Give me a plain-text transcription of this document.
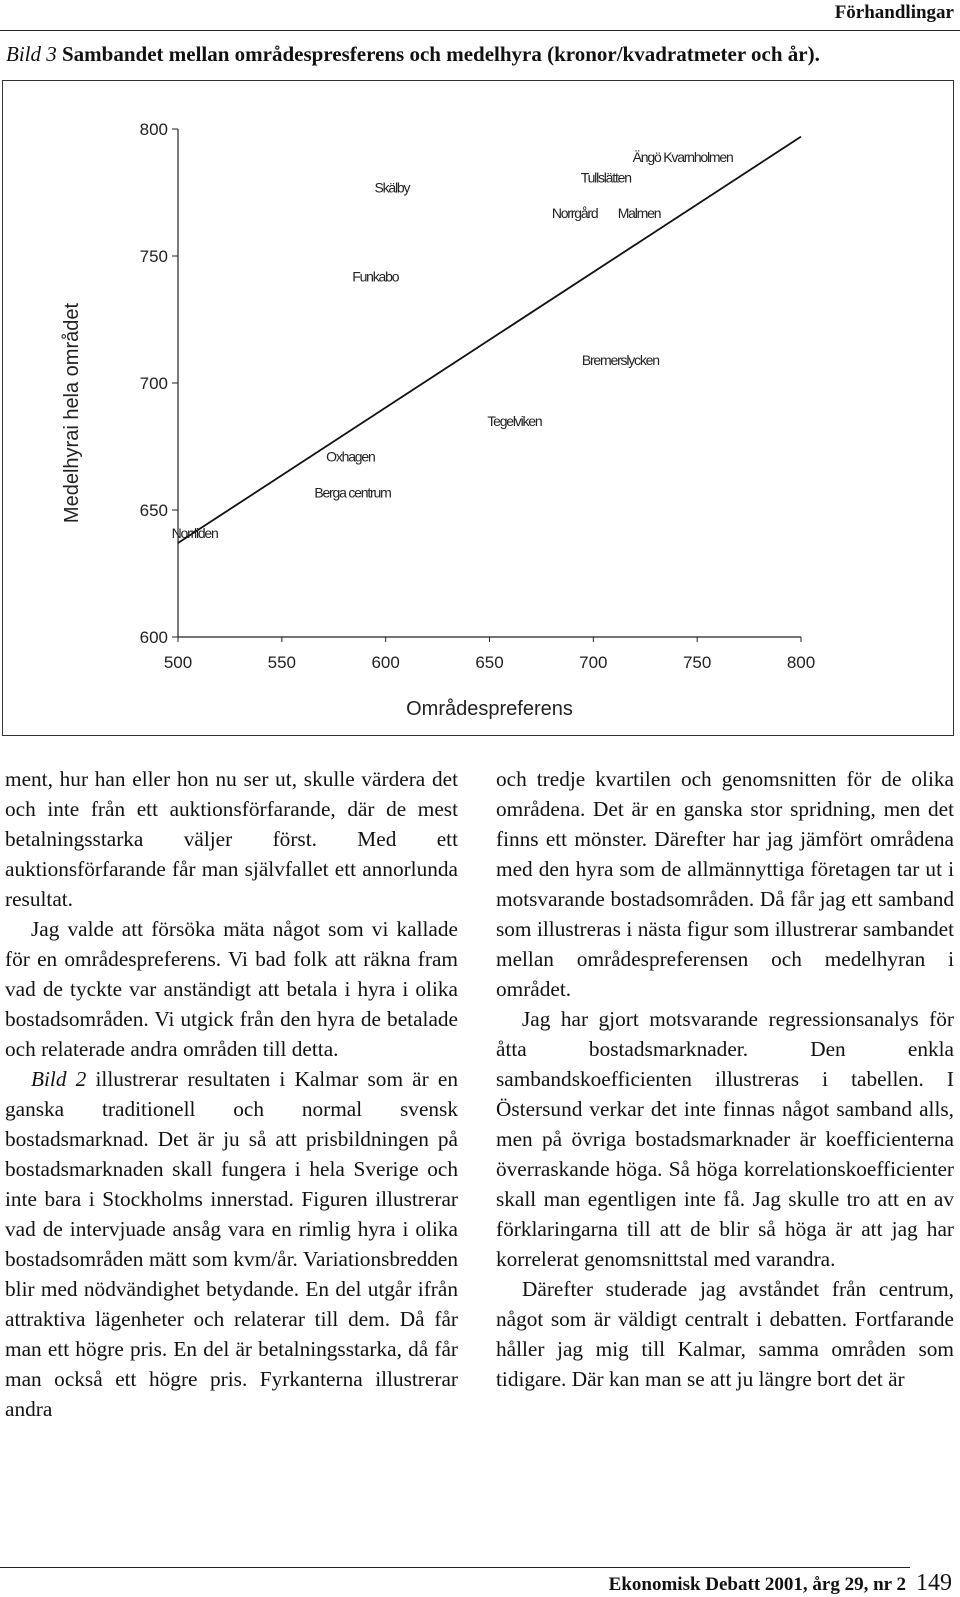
Förhandlingar
Bild 3 Sambandet mellan områdespresferens och medelhyra (kronor/kvadratmeter och år).
600
650
700
750
800
500	550	600	650	700	750	800
Områdespreferens
Medelhyrai hela området
Ängö Kvarnholmen
Tullslätten
Skälby
Norrgård Malmen
Funkabo
Bremerslycken
Tegelviken
Oxhagen
Berga centrum
Norrliden

ment, hur han eller hon nu ser ut, skulle värdera det och inte från ett auktionsförfarande, där de mest betalningsstarka väljer först. Med ett auktionsförfarande får man självfallet ett annorlunda resultat.

Jag valde att försöka mäta något som vi kallade för en områdespreferens. Vi bad folk att räkna fram vad de tyckte var anständigt att betala i hyra i olika bostadsområden. Vi utgick från den hyra de betalade och relaterade andra områden till detta.

Bild 2 illustrerar resultaten i Kalmar som är en ganska traditionell och normal svensk bostadsmarknad. Det är ju så att prisbildningen på bostadsmarknaden skall fungera i hela Sverige och inte bara i Stockholms innerstad. Figuren illustrerar vad de intervjuade ansåg vara en rimlig hyra i olika bostadsområden mätt som kvm/år. Variationsbredden blir med nödvändighet betydande. En del utgår ifrån attraktiva lägenheter och relaterar till dem. Då får man ett högre pris. En del är betalningsstarka, då får man också ett högre pris. Fyrkanterna illustrerar andra

och tredje kvartilen och genomsnitten för de olika områdena. Det är en ganska stor spridning, men det finns ett mönster. Därefter har jag jämfört områdena med den hyra som de allmännyttiga företagen tar ut i motsvarande bostadsområden. Då får jag ett samband som illustreras i nästa figur som illustrerar sambandet mellan områdespreferensen och medelhyran i området.

Jag har gjort motsvarande regressionsanalys för åtta bostadsmarknader. Den enkla sambandskoefficienten illustreras i tabellen. I Östersund verkar det inte finnas något samband alls, men på övriga bostadsmarknader är koefficienterna överraskande höga. Så höga korrelationskoefficienter skall man egentligen inte få. Jag skulle tro att en av förklaringarna till att de blir så höga är att jag har korrelerat genomsnittstal med varandra.

Därefter studerade jag avståndet från centrum, något som är väldigt centralt i debatten. Fortfarande håller jag mig till Kalmar, samma områden som tidigare. Där kan man se att ju längre bort det är

Ekonomisk Debatt 2001, årg 29, nr 2 149
